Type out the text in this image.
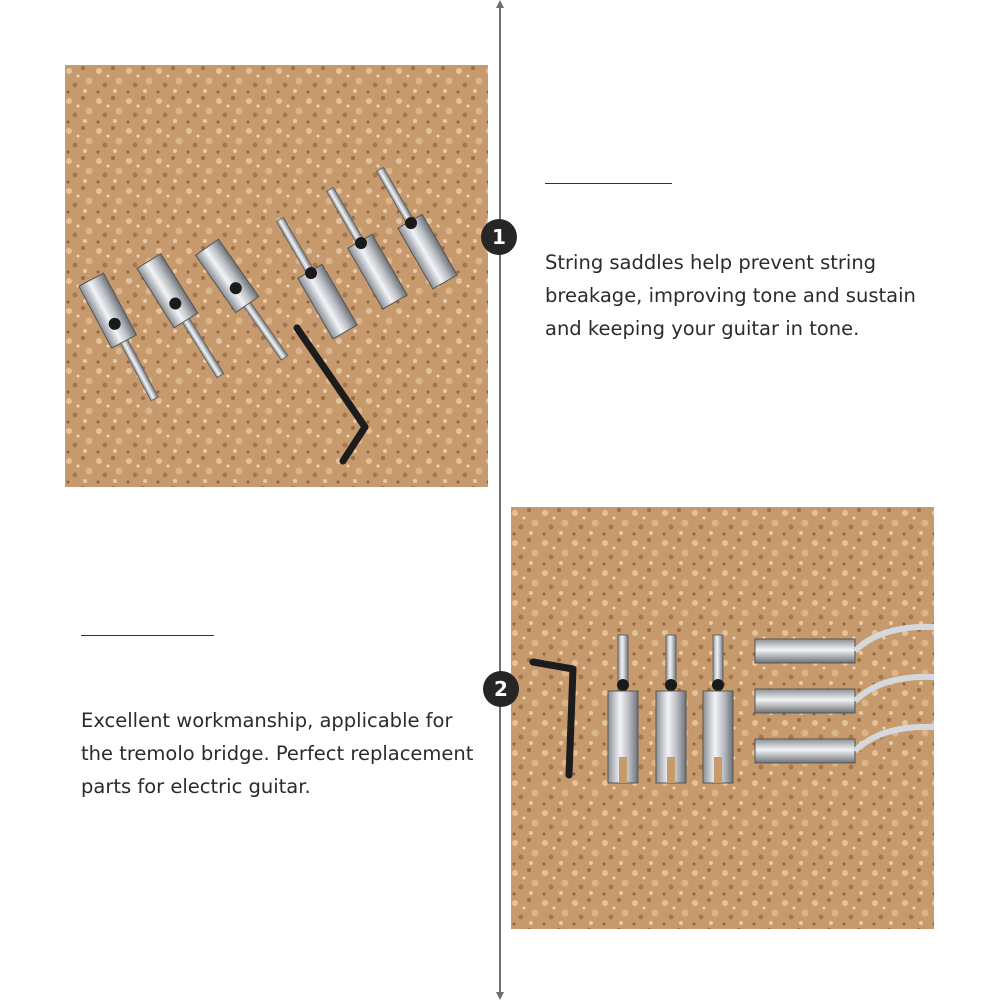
1

String saddles help prevent string
breakage, improving tone and sustain
and keeping your guitar in tone.

2

Excellent workmanship, applicable for
the tremolo bridge. Perfect replacement
parts for electric guitar.
